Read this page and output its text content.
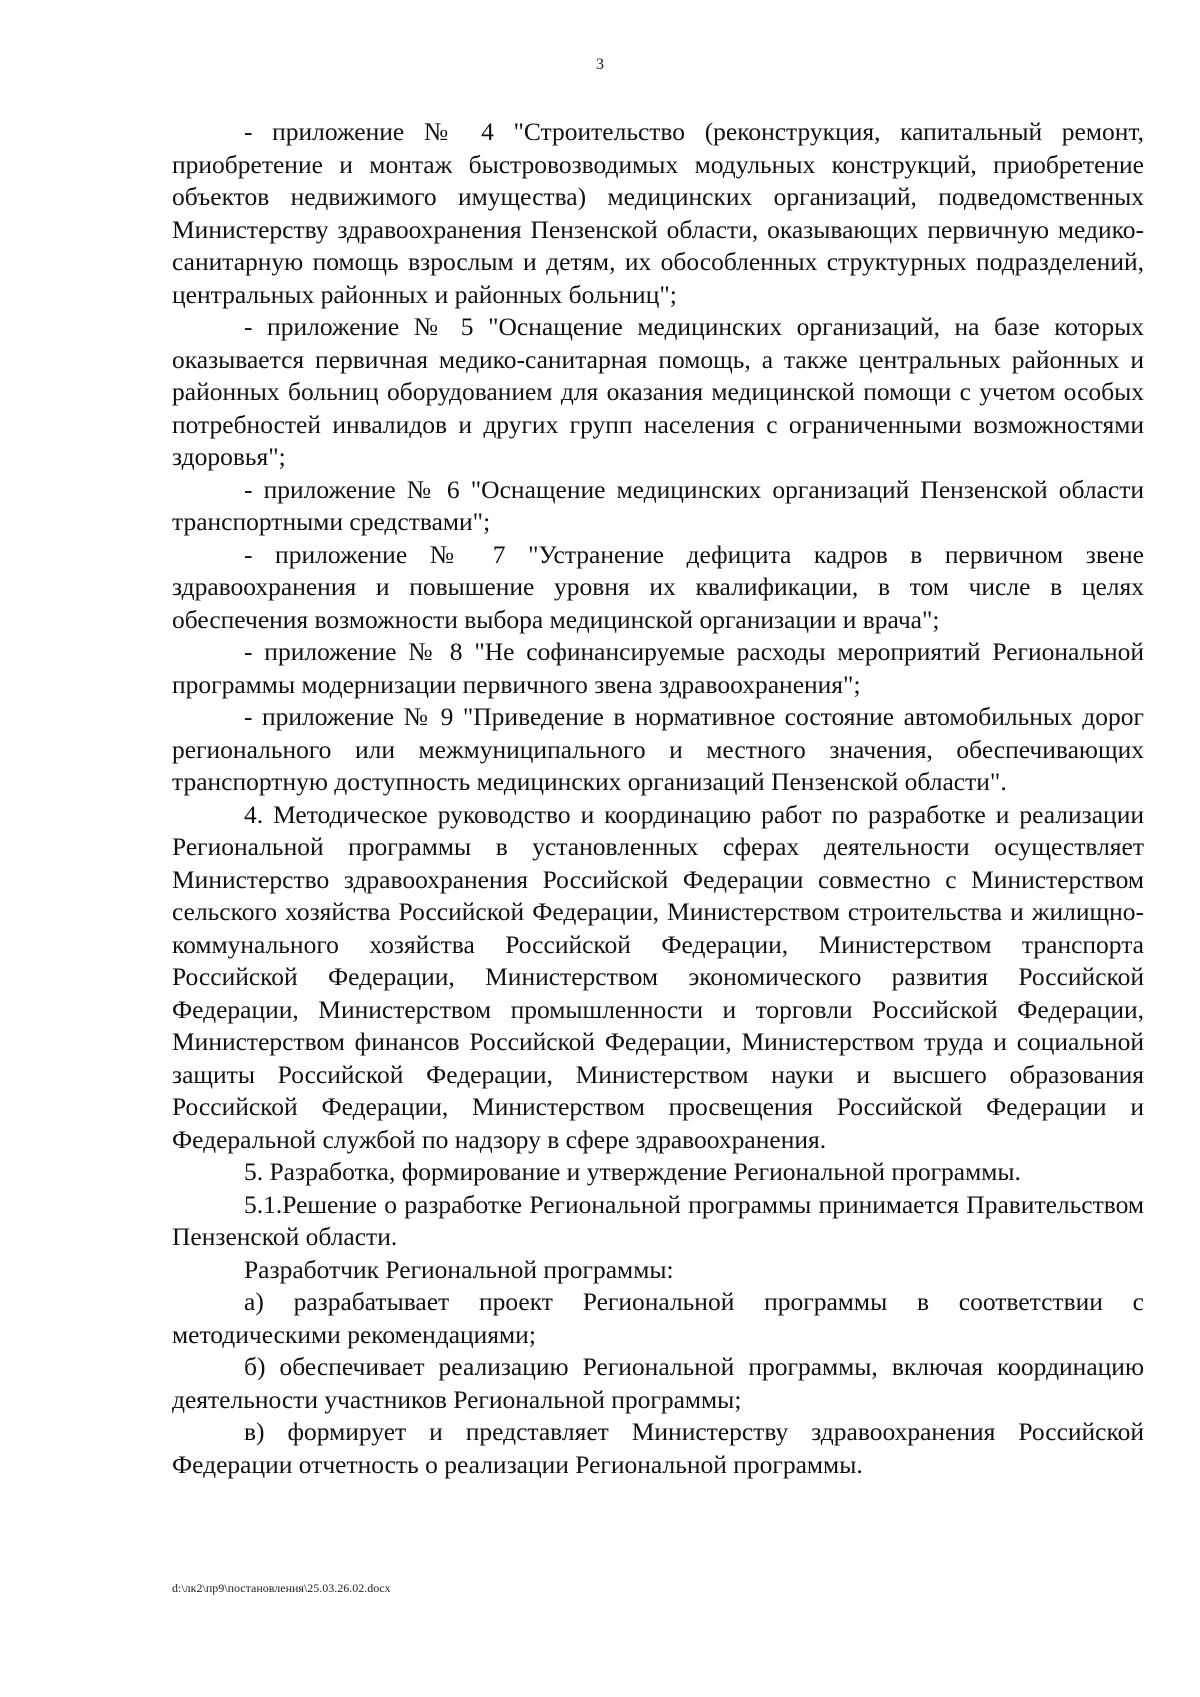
3

- приложение № 4 "Строительство (реконструкция, капитальный ремонт, приобретение и монтаж быстровозводимых модульных конструкций, приобретение объектов недвижимого имущества) медицинских организаций, подведомственных Министерству здравоохранения Пензенской области, оказывающих первичную медико-санитарную помощь взрослым и детям, их обособленных структурных подразделений, центральных районных и районных больниц";

- приложение № 5 "Оснащение медицинских организаций, на базе которых оказывается первичная медико-санитарная помощь, а также центральных районных и районных больниц оборудованием для оказания медицинской помощи с учетом особых потребностей инвалидов и других групп населения с ограниченными возможностями здоровья";

- приложение № 6 "Оснащение медицинских организаций Пензенской области транспортными средствами";

- приложение № 7 "Устранение дефицита кадров в первичном звене здравоохранения и повышение уровня их квалификации, в том числе в целях обеспечения возможности выбора медицинской организации и врача";

- приложение № 8 "Не софинансируемые расходы мероприятий Региональной программы модернизации первичного звена здравоохранения";

- приложение № 9 "Приведение в нормативное состояние автомобильных дорог регионального или межмуниципального и местного значения, обеспечивающих транспортную доступность медицинских организаций Пензенской области".

4. Методическое руководство и координацию работ по разработке и реализации Региональной программы в установленных сферах деятельности осуществляет Министерство здравоохранения Российской Федерации совместно с Министерством сельского хозяйства Российской Федерации, Министерством строительства и жилищно-коммунального хозяйства Российской Федерации, Министерством транспорта Российской Федерации, Министерством экономического развития Российской Федерации, Министерством промышленности и торговли Российской Федерации, Министерством финансов Российской Федерации, Министерством труда и социальной защиты Российской Федерации, Министерством науки и высшего образования Российской Федерации, Министерством просвещения Российской Федерации и Федеральной службой по надзору в сфере здравоохранения.

5. Разработка, формирование и утверждение Региональной программы.

5.1.Решение о разработке Региональной программы принимается Правительством Пензенской области.

Разработчик Региональной программы:

а) разрабатывает проект Региональной программы в соответствии с методическими рекомендациями;

б) обеспечивает реализацию Региональной программы, включая координацию деятельности участников Региональной программы;

в) формирует и представляет Министерству здравоохранения Российской Федерации отчетность о реализации Региональной программы.

d:\лк2\пр9\постановления\25.03.26.02.docx
